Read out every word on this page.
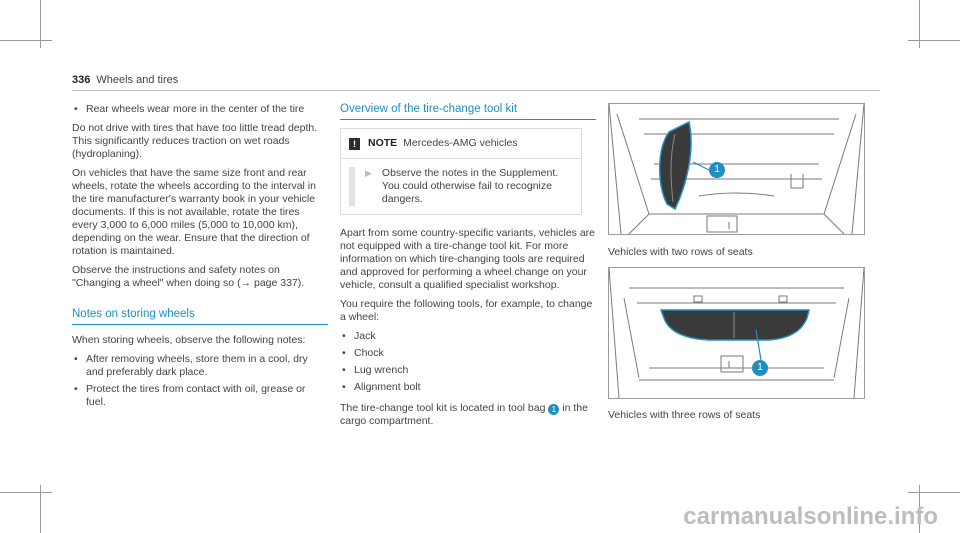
336 Wheels and tires
• Rear wheels wear more in the center of the tire

Do not drive with tires that have too little tread depth. This significantly reduces traction on wet roads (hydroplaning).

On vehicles that have the same size front and rear wheels, rotate the wheels according to the interval in the tire manufacturer's warranty book in your vehicle documents. If this is not available, rotate the tires every 3,000 to 6,000 miles (5,000 to 10,000 km), depending on the wear. Ensure that the direction of rotation is maintained.

Observe the instructions and safety notes on "Changing a wheel" when doing so (→ page 337).

Notes on storing wheels

When storing wheels, observe the following notes:

• After removing wheels, store them in a cool, dry and preferably dark place.
• Protect the tires from contact with oil, grease or fuel.
Overview of the tire-change tool kit
!	NOTE Mercedes-AMG vehicles
▶ Observe the notes in the Supplement. You could otherwise fail to recognize dangers.

Apart from some country-specific variants, vehicles are not equipped with a tire-change tool kit. For more information on which tire-changing tools are required and approved for performing a wheel change on your vehicle, consult a qualified specialist workshop.

You require the following tools, for example, to change a wheel:

• Jack
• Chock
• Lug wrench
• Alignment bolt

The tire-change tool kit is located in tool bag 1 in the cargo compartment.

1
Vehicles with two rows of seats
1
Vehicles with three rows of seats
carmanualsonline.info
